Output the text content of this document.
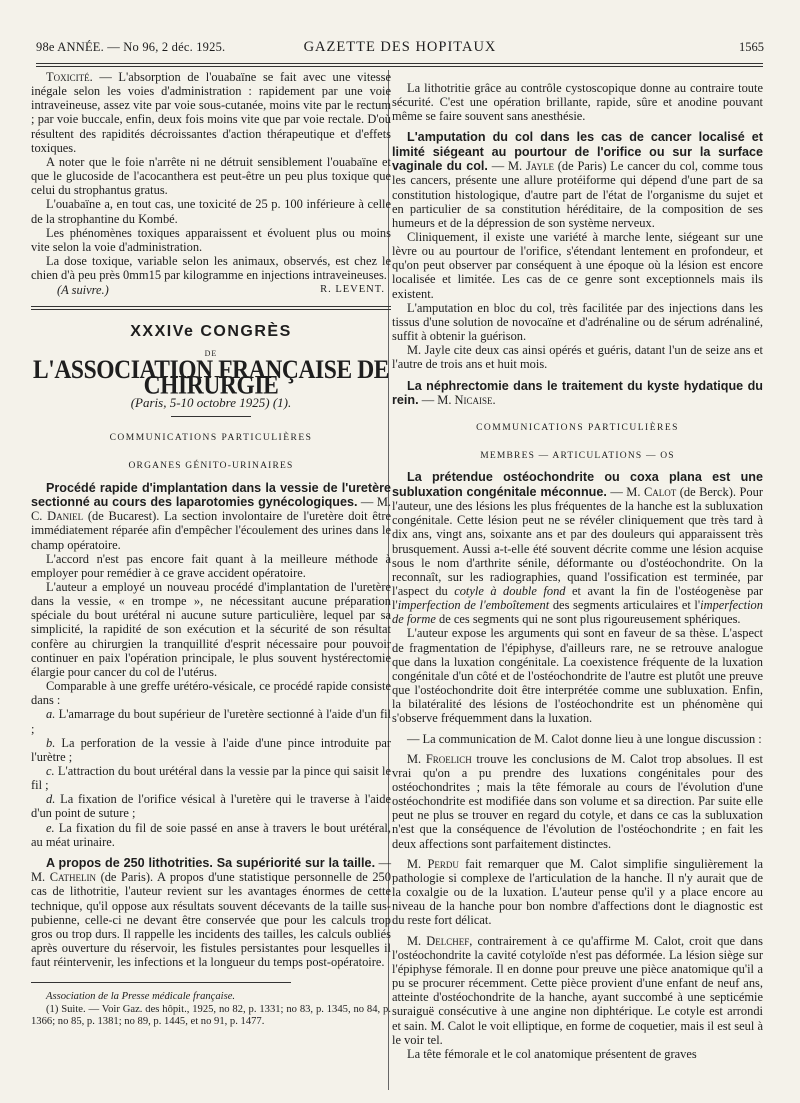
98e ANNÉE. — No 96, 2 déc. 1925.	GAZETTE DES HOPITAUX	1565

Toxicité. — L'absorption de l'ouabaïne se fait avec une vitesse inégale selon les voies d'administration : rapidement par une voie intraveineuse, assez vite par voie sous-cutanée, moins vite par le rectum ; par voie buccale, enfin, deux fois moins vite que par voie rectale. D'où résultent des rapidités décroissantes d'action thérapeutique et d'effets toxiques.

A noter que le foie n'arrête ni ne détruit sensiblement l'ouabaïne et que le glucoside de l'acocanthera est peut-être un peu plus toxique que celui du strophantus gratus.

L'ouabaïne a, en tout cas, une toxicité de 25 p. 100 inférieure à celle de la strophantine du Kombé.

Les phénomènes toxiques apparaissent et évoluent plus ou moins vite selon la voie d'administration.

La dose toxique, variable selon les animaux, observés, est chez le chien d'à peu près 0mm15 par kilogramme en injections intraveineuses.

(A suivre.)	R. LEVENT.
XXXIVe CONGRÈS
DE
L'ASSOCIATION FRANÇAISE DE CHIRURGIE
(Paris, 5-10 octobre 1925) (1).
COMMUNICATIONS PARTICULIÈRES
ORGANES GÉNITO-URINAIRES

Procédé rapide d'implantation dans la vessie de l'uretère sectionné au cours des laparotomies gynécologiques. — M. C. Daniel (de Bucarest). La section involontaire de l'uretère doit être immédiatement réparée afin d'empêcher l'écoulement des urines dans le champ opératoire.

L'accord n'est pas encore fait quant à la meilleure méthode à employer pour remédier à ce grave accident opératoire.

L'auteur a employé un nouveau procédé d'implantation de l'uretère dans la vessie, « en trompe », ne nécessitant aucune préparation spéciale du bout urétéral ni aucune suture particulière, lequel par sa simplicité, la rapidité de son exécution et la sécurité de son résultat confère au chirurgien la tranquillité d'esprit nécessaire pour pouvoir continuer en paix l'opération principale, le plus souvent hystérectomie élargie pour cancer du col de l'utérus.

Comparable à une greffe urétéro-vésicale, ce procédé rapide consiste dans :

a. L'amarrage du bout supérieur de l'uretère sectionné à l'aide d'un fil ;

b. La perforation de la vessie à l'aide d'une pince introduite par l'urètre ;

c. L'attraction du bout urétéral dans la vessie par la pince qui saisit le fil ;

d. La fixation de l'orifice vésical à l'uretère qui le traverse à l'aide d'un point de suture ;

e. La fixation du fil de soie passé en anse à travers le bout urétéral, au méat urinaire.

A propos de 250 lithotrities. Sa supériorité sur la taille. — M. Cathelin (de Paris). A propos d'une statistique personnelle de 250 cas de lithotritie, l'auteur revient sur les avantages énormes de cette technique, qu'il oppose aux résultats souvent décevants de la taille sus-pubienne, celle-ci ne devant être conservée que pour les calculs trop gros ou trop durs. Il rappelle les incidents des tailles, les calculs oubliés après ouverture du réservoir, les fistules persistantes pour lesquelles il faut réintervenir, les infections et la longueur du temps post-opératoire.

Association de la Presse médicale française.

(1) Suite. — Voir Gaz. des hôpit., 1925, no 82, p. 1331; no 83, p. 1345, no 84, p. 1366; no 85, p. 1381; no 89, p. 1445, et no 91, p. 1477.

La lithotritie grâce au contrôle cystoscopique donne au contraire toute sécurité. C'est une opération brillante, rapide, sûre et anodine pouvant même se faire souvent sans anesthésie.

L'amputation du col dans les cas de cancer localisé et limité siégeant au pourtour de l'orifice ou sur la surface vaginale du col. — M. Jayle (de Paris) Le cancer du col, comme tous les cancers, présente une allure protéiforme qui dépend d'une part de sa constitution histologique, d'autre part de l'état de l'organisme du sujet et en particulier de sa constitution héréditaire, de la composition de ses humeurs et de la dépression de son système nerveux.

Cliniquement, il existe une variété à marche lente, siégeant sur une lèvre ou au pourtour de l'orifice, s'étendant lentement en profondeur, et qu'on peut observer par conséquent à une époque où la lésion est encore localisée et limitée. Les cas de ce genre sont exceptionnels mais ils existent.

L'amputation en bloc du col, très facilitée par des injections dans les tissus d'une solution de novocaïne et d'adrénaline ou de sérum adrénaliné, suffit à obtenir la guérison.

M. Jayle cite deux cas ainsi opérés et guéris, datant l'un de seize ans et l'autre de trois ans et huit mois.

La néphrectomie dans le traitement du kyste hydatique du rein. — M. Nicaise.

COMMUNICATIONS PARTICULIÈRES
MEMBRES — ARTICULATIONS — OS

La prétendue ostéochondrite ou coxa plana est une subluxation congénitale méconnue. — M. Calot (de Berck). Pour l'auteur, une des lésions les plus fréquentes de la hanche est la subluxation congénitale. Cette lésion peut ne se révéler cliniquement que très tard à dix ans, vingt ans, soixante ans et par des douleurs qui apparaissent très brusquement. Aussi a-t-elle été souvent décrite comme une lésion acquise sous le nom d'arthrite sénile, déformante ou d'ostéochondrite. On la reconnaît, sur les radiographies, quand l'ossification est terminée, par l'aspect du cotyle à double fond et avant la fin de l'ostéogenèse par l'imperfection de l'emboîtement des segments articulaires et l'imperfection de forme de ces segments qui ne sont plus rigoureusement sphériques.

L'auteur expose les arguments qui sont en faveur de sa thèse. L'aspect de fragmentation de l'épiphyse, d'ailleurs rare, ne se retrouve analogue que dans la luxation congénitale. La coexistence fréquente de la luxation congénitale d'un côté et de l'ostéochondrite de l'autre est plutôt une preuve que l'ostéochondrite doit être interprétée comme une subluxation. Enfin, la bilatéralité des lésions de l'ostéochondrite est un phénomène qui s'observe fréquemment dans la luxation.

— La communication de M. Calot donne lieu à une longue discussion :

M. Froelich trouve les conclusions de M. Calot trop absolues. Il est vrai qu'on a pu prendre des luxations congénitales pour des ostéochondrites ; mais la tête fémorale au cours de l'évolution d'une ostéochondrite est modifiée dans son volume et sa direction. Par suite elle peut ne plus se trouver en regard du cotyle, et dans ce cas la subluxation n'est que la conséquence de l'évolution de l'ostéochondrite ; en fait les deux affections sont parfaitement distinctes.

M. Perdu fait remarquer que M. Calot simplifie singulièrement la pathologie si complexe de l'articulation de la hanche. Il n'y aurait que de la coxalgie ou de la luxation. L'auteur pense qu'il y a place encore au niveau de la hanche pour bon nombre d'affections dont le diagnostic est du reste fort délicat.

M. Delchef, contrairement à ce qu'affirme M. Calot, croit que dans l'ostéochondrite la cavité cotyloïde n'est pas déformée. La lésion siège sur l'épiphyse fémorale. Il en donne pour preuve une pièce anatomique qu'il a pu se procurer récemment. Cette pièce provient d'une enfant de neuf ans, atteinte d'ostéochondrite de la hanche, ayant succombé à une septicémie suraiguë consécutive à une angine non diphtérique. Le cotyle est arrondi et sain. M. Calot le voit elliptique, en forme de coquetier, mais il est seul à le voir tel.

La tête fémorale et le col anatomique présentent de graves
